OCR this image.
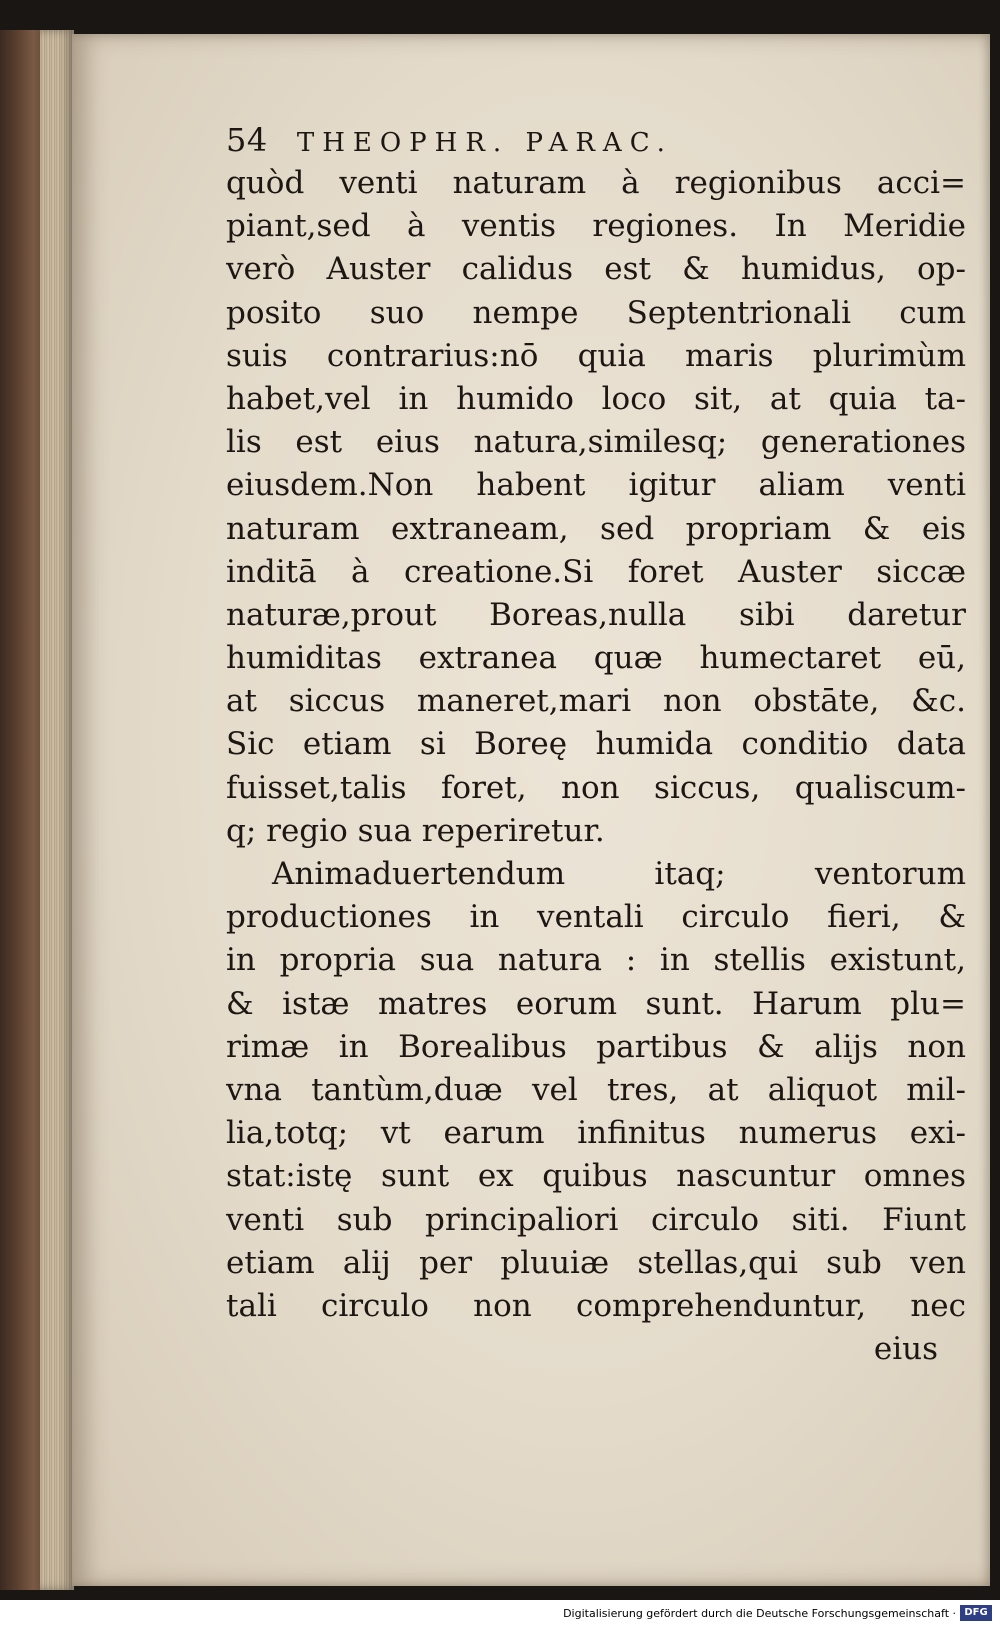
54 THEOPHR. PARAC.
quòd venti naturam à regionibus acci=
piant,sed à ventis regiones. In Meridie
verò Auster calidus est & humidus, op-
posito suo nempe Septentrionali cum
suis contrarius:nō quia maris plurimùm
habet,vel in humido loco sit, at quia ta-
lis est eius natura,similesq; generationes
eiusdem.Non habent igitur aliam venti
naturam extraneam, sed propriam & eis
inditā à creatione.Si foret Auster siccæ
naturæ,prout Boreas,nulla sibi daretur
humiditas extranea quæ humectaret eū,
at siccus maneret,mari non obstāte, &c.
Sic etiam si Boreę humida conditio data
fuisset,talis foret, non siccus, qualiscum-
q; regio sua reperiretur.
Animaduertendum itaq; ventorum
productiones in ventali circulo fieri, &
in propria sua natura : in stellis existunt,
& istæ matres eorum sunt. Harum plu=
rimæ in Borealibus partibus & alijs non
vna tantùm,duæ vel tres, at aliquot mil-
lia,totq; vt earum infinitus numerus exi-
stat:istę sunt ex quibus nascuntur omnes
venti sub principaliori circulo siti. Fiunt
etiam alij per pluuiæ stellas,qui sub ven
tali circulo non comprehenduntur, nec
eius
Digitalisierung gefördert durch die Deutsche Forschungsgemeinschaft · DFG
